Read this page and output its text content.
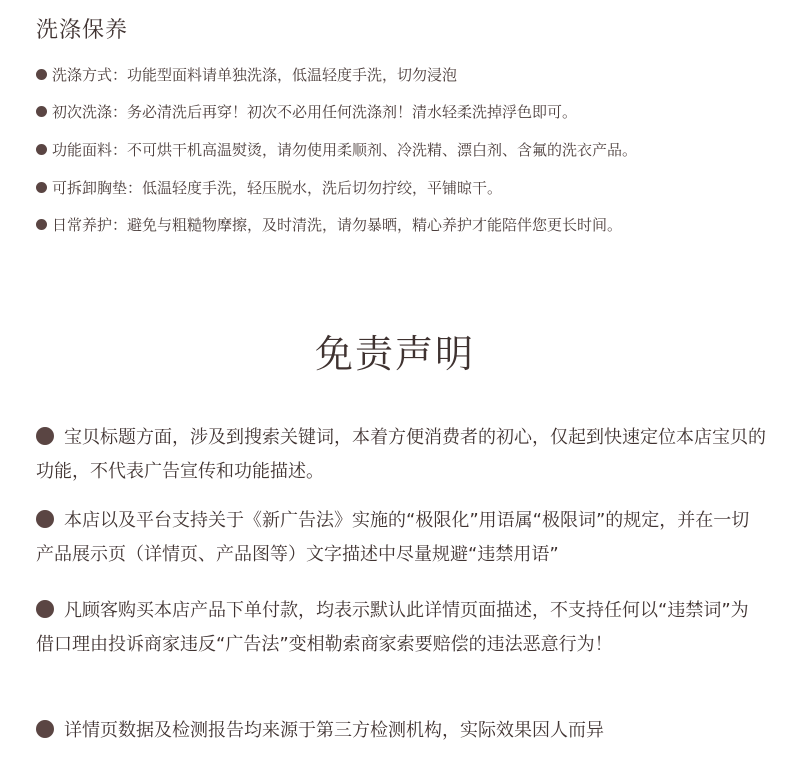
洗涤保养
洗涤方式： 功能型面料请单独洗涤，低温轻度手洗，切勿浸泡
初次洗涤： 务必清洗后再穿！初次不必用任何洗涤剂！清水轻柔洗掉浮色即可。
功能面料： 不可烘干机高温熨烫，请勿使用柔顺剂、冷洗精、漂白剂、含氟的洗衣产品。
可拆卸胸垫： 低温轻度手洗，轻压脱水，洗后切勿拧绞，平铺晾干。
日常养护： 避免与粗糙物摩擦，及时清洗，请勿暴晒，精心养护才能陪伴您更长时间。
免责声明
宝贝标题方面，涉及到搜索关键词，本着方便消费者的初心，仅起到快速定位本店宝贝的功能，不代表广告宣传和功能描述。
本店以及平台支持关于《新广告法》实施的“极限化”用语属“极限词”的规定，并在一切产品展示页（详情页、产品图等）文字描述中尽量规避“违禁用语”
凡顾客购买本店产品下单付款，均表示默认此详情页面描述，不支持任何以“违禁词”为借口理由投诉商家违反“广告法”变相勒索商家索要赔偿的违法恶意行为！
详情页数据及检测报告均来源于第三方检测机构，实际效果因人而异
